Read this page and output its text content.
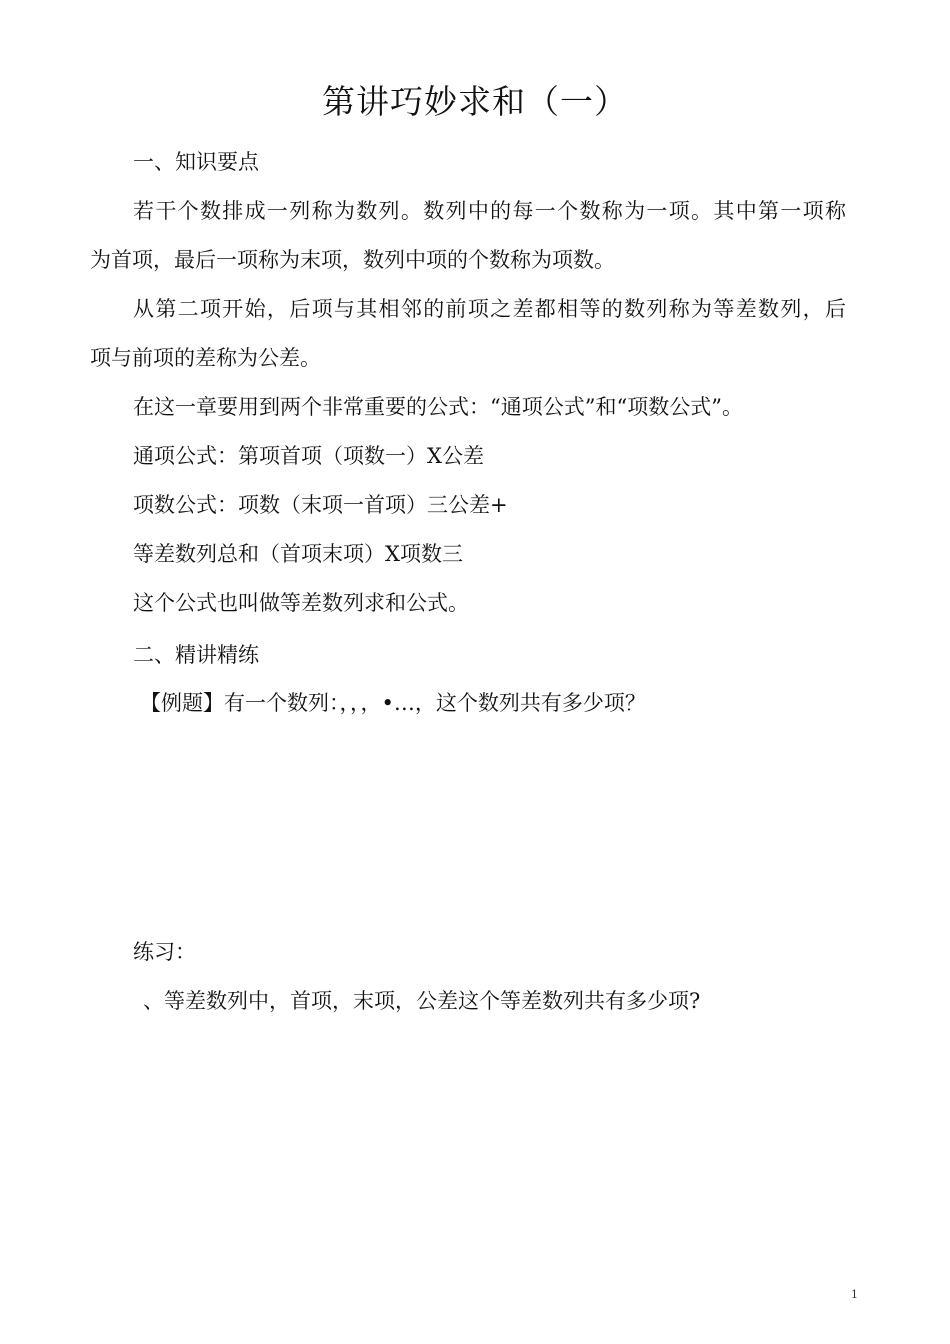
第讲巧妙求和（一）
一、知识要点
若干个数排成一列称为数列。数列中的每一个数称为一项。其中第一项称
为首项，最后一项称为末项，数列中项的个数称为项数。
从第二项开始，后项与其相邻的前项之差都相等的数列称为等差数列，后
项与前项的差称为公差。
在这一章要用到两个非常重要的公式：“通项公式”和“项数公式”。
通项公式：第项首项（项数一）X公差
项数公式：项数（末项一首项）三公差+
等差数列总和（首项末项）X项数三
这个公式也叫做等差数列求和公式。
二、精讲精练
【例题】有一个数列：，，，•…，这个数列共有多少项？
练习：
、等差数列中，首项，末项，公差这个等差数列共有多少项?
1
